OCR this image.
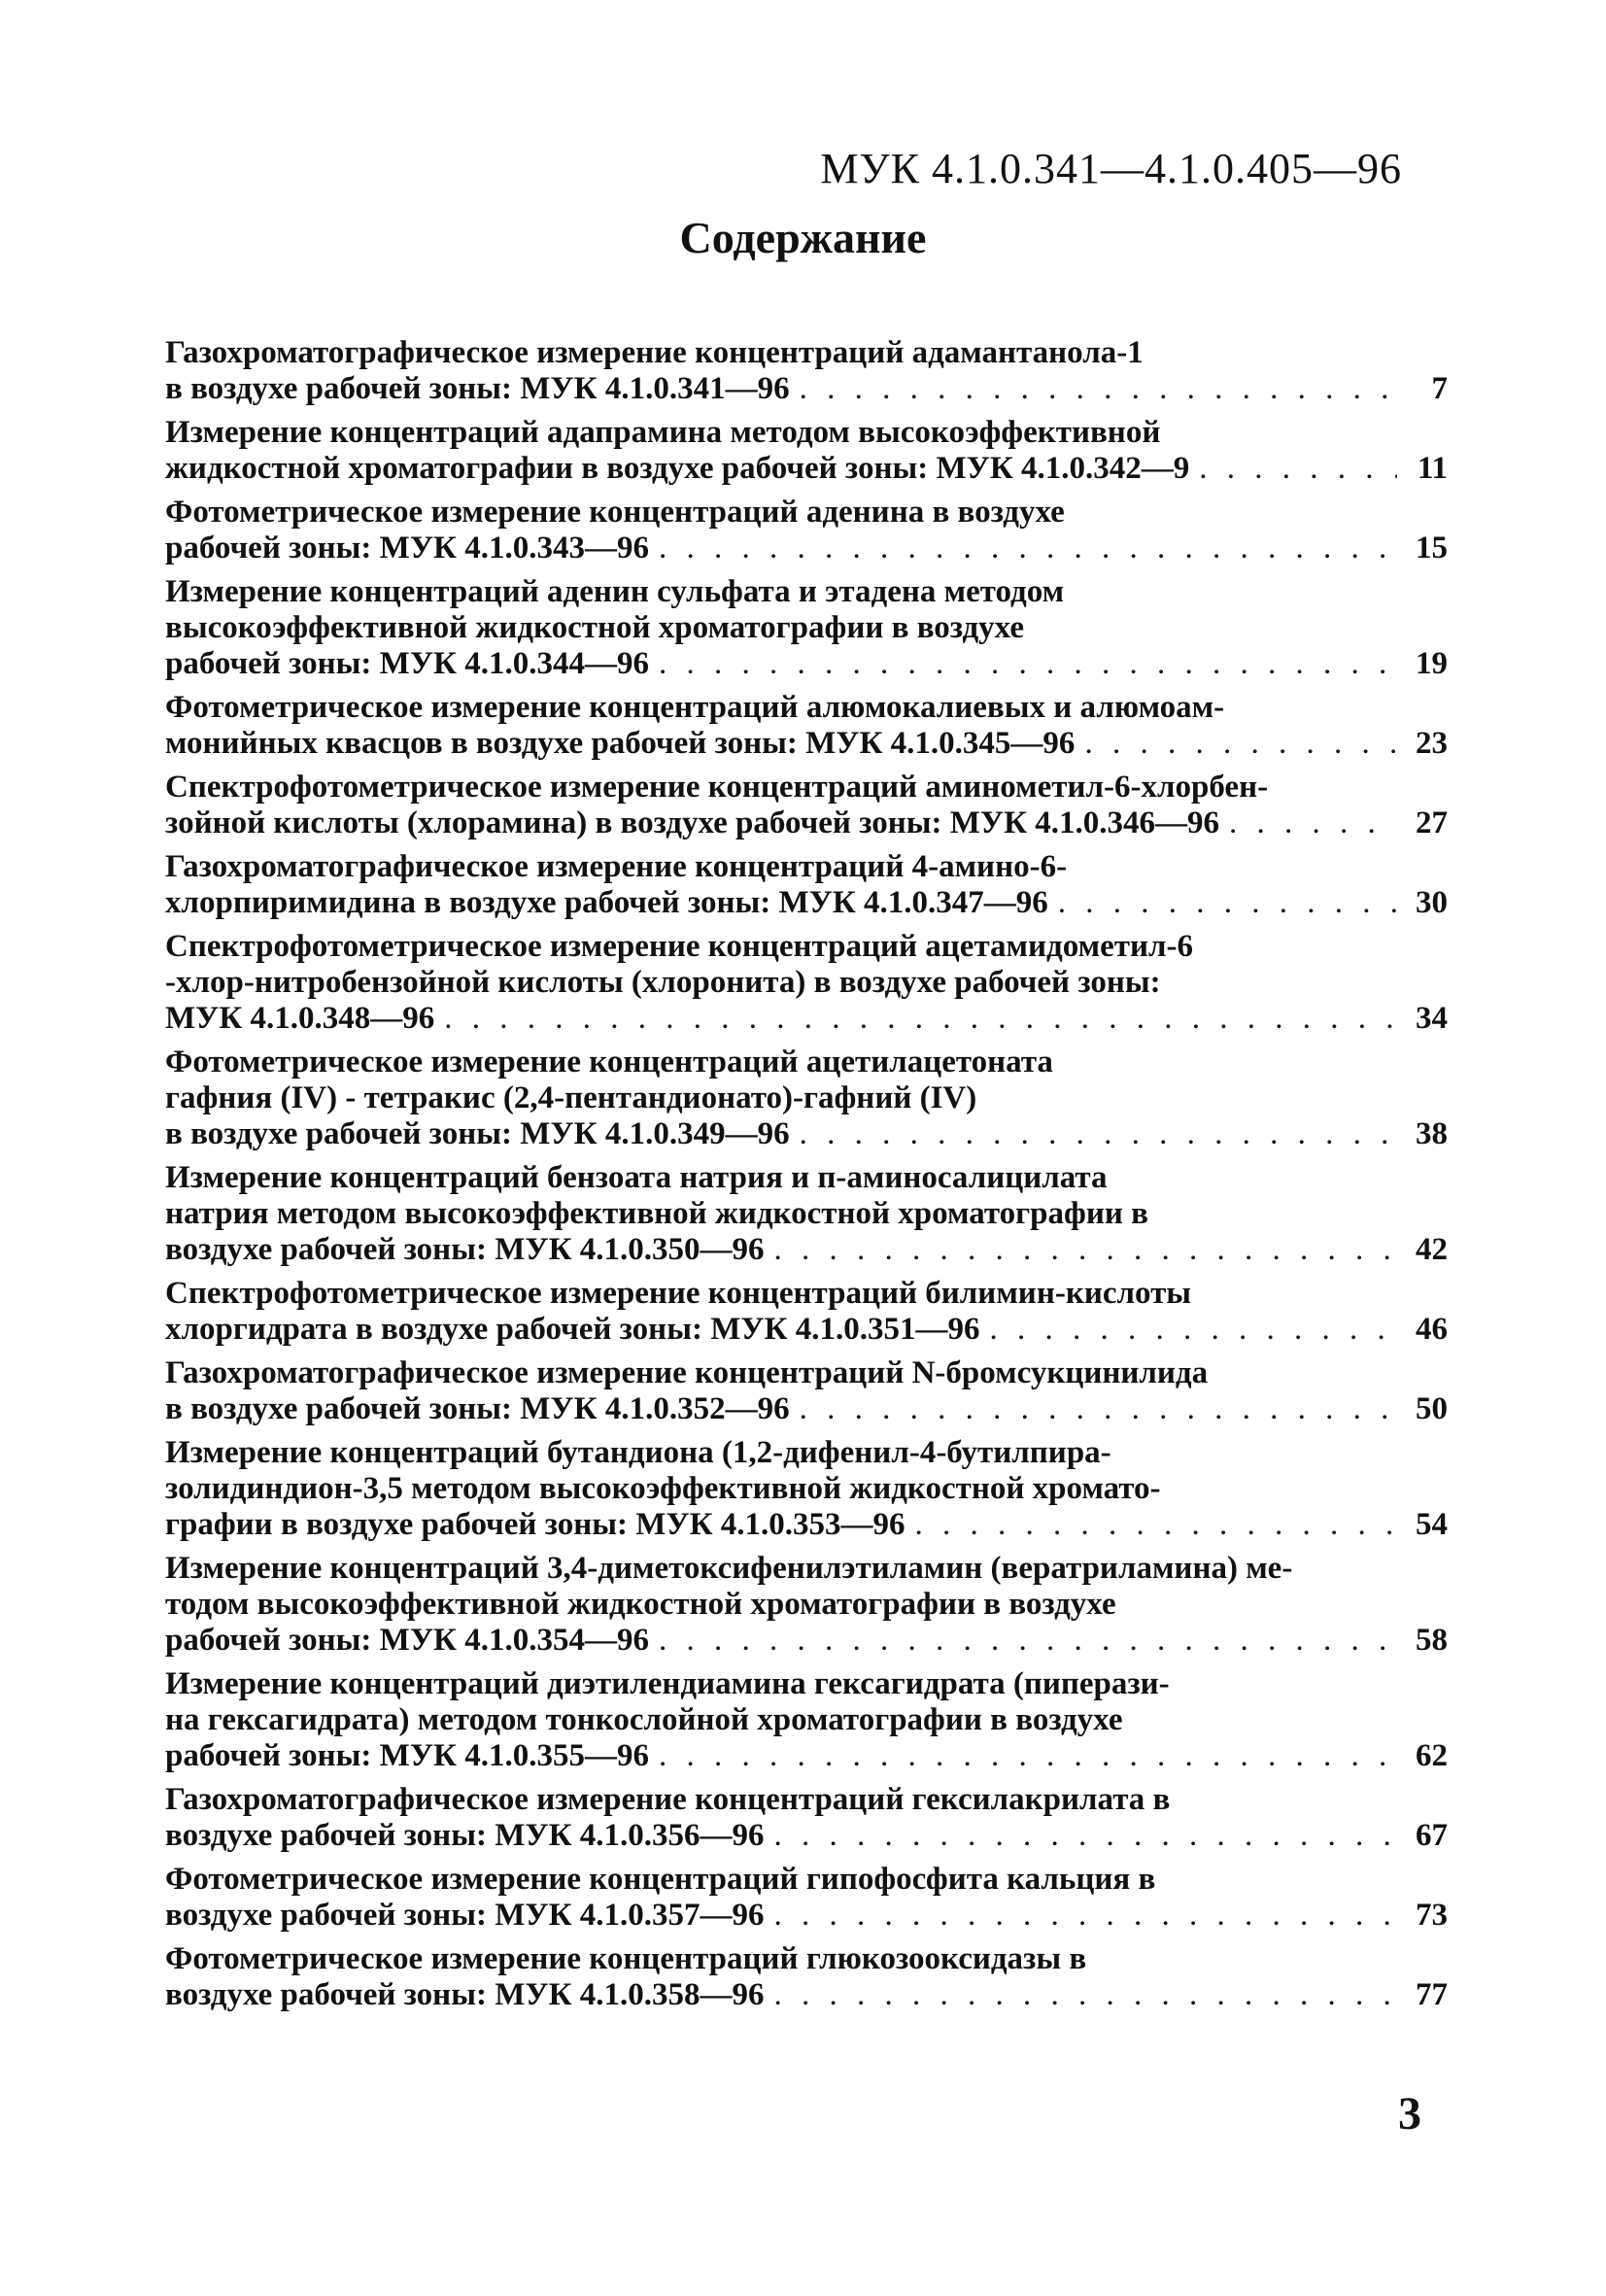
МУК 4.1.0.341—4.1.0.405—96
Содержание
Газохроматографическое измерение концентраций адамантанола-1
в воздухе рабочей зоны: МУК 4.1.0.341—96 . . .	7
Измерение концентраций адапрамина методом высокоэффективной
жидкостной хроматографии в воздухе рабочей зоны: МУК 4.1.0.342—9 . . .	11
Фотометрическое измерение концентраций аденина в воздухе
рабочей зоны: МУК 4.1.0.343—96 . . .	15
Измерение концентраций аденин сульфата и этадена методом
высокоэффективной жидкостной хроматографии в воздухе
рабочей зоны: МУК 4.1.0.344—96 . . .	19
Фотометрическое измерение концентраций алюмокалиевых и алюмоам-
монийных квасцов в воздухе рабочей зоны: МУК 4.1.0.345—96 . . .	23
Спектрофотометрическое измерение концентраций аминометил-6-хлорбен-
зойной кислоты (хлорамина) в воздухе рабочей зоны: МУК 4.1.0.346—96 . . .	27
Газохроматографическое измерение концентраций 4-амино-6-
хлорпиримидина в воздухе рабочей зоны: МУК 4.1.0.347—96 . . .	30
Спектрофотометрическое измерение концентраций ацетамидометил-6
-хлор-нитробензойной кислоты (хлоронита) в воздухе рабочей зоны:
МУК 4.1.0.348—96 . . .	34
Фотометрическое измерение концентраций ацетилацетоната
гафния (IV) - тетракис (2,4-пентандионато)-гафний (IV)
в воздухе рабочей зоны: МУК 4.1.0.349—96 . . .	38
Измерение концентраций бензоата натрия и п-аминосалицилата
натрия методом высокоэффективной жидкостной хроматографии в
воздухе рабочей зоны: МУК 4.1.0.350—96 . . .	42
Спектрофотометрическое измерение концентраций билимин-кислоты
хлоргидрата в воздухе рабочей зоны: МУК 4.1.0.351—96 . . .	46
Газохроматографическое измерение концентраций N-бромсукцинилида
в воздухе рабочей зоны: МУК 4.1.0.352—96 . . .	50
Измерение концентраций бутандиона (1,2-дифенил-4-бутилпира-
золидиндион-3,5 методом высокоэффективной жидкостной хромато-
графии в воздухе рабочей зоны: МУК 4.1.0.353—96 . . .	54
Измерение концентраций 3,4-диметоксифенилэтиламин (вератриламина) ме-
тодом высокоэффективной жидкостной хроматографии в воздухе
рабочей зоны: МУК 4.1.0.354—96 . . .	58
Измерение концентраций диэтилендиамина гексагидрата (пиперази-
на гексагидрата) методом тонкослойной хроматографии в воздухе
рабочей зоны: МУК 4.1.0.355—96 . . .	62
Газохроматографическое измерение концентраций гексилакрилата в
воздухе рабочей зоны: МУК 4.1.0.356—96 . . .	67
Фотометрическое измерение концентраций гипофосфита кальция в
воздухе рабочей зоны: МУК 4.1.0.357—96 . . .	73
Фотометрическое измерение концентраций глюкозооксидазы в
воздухе рабочей зоны: МУК 4.1.0.358—96 . . .	77
3
